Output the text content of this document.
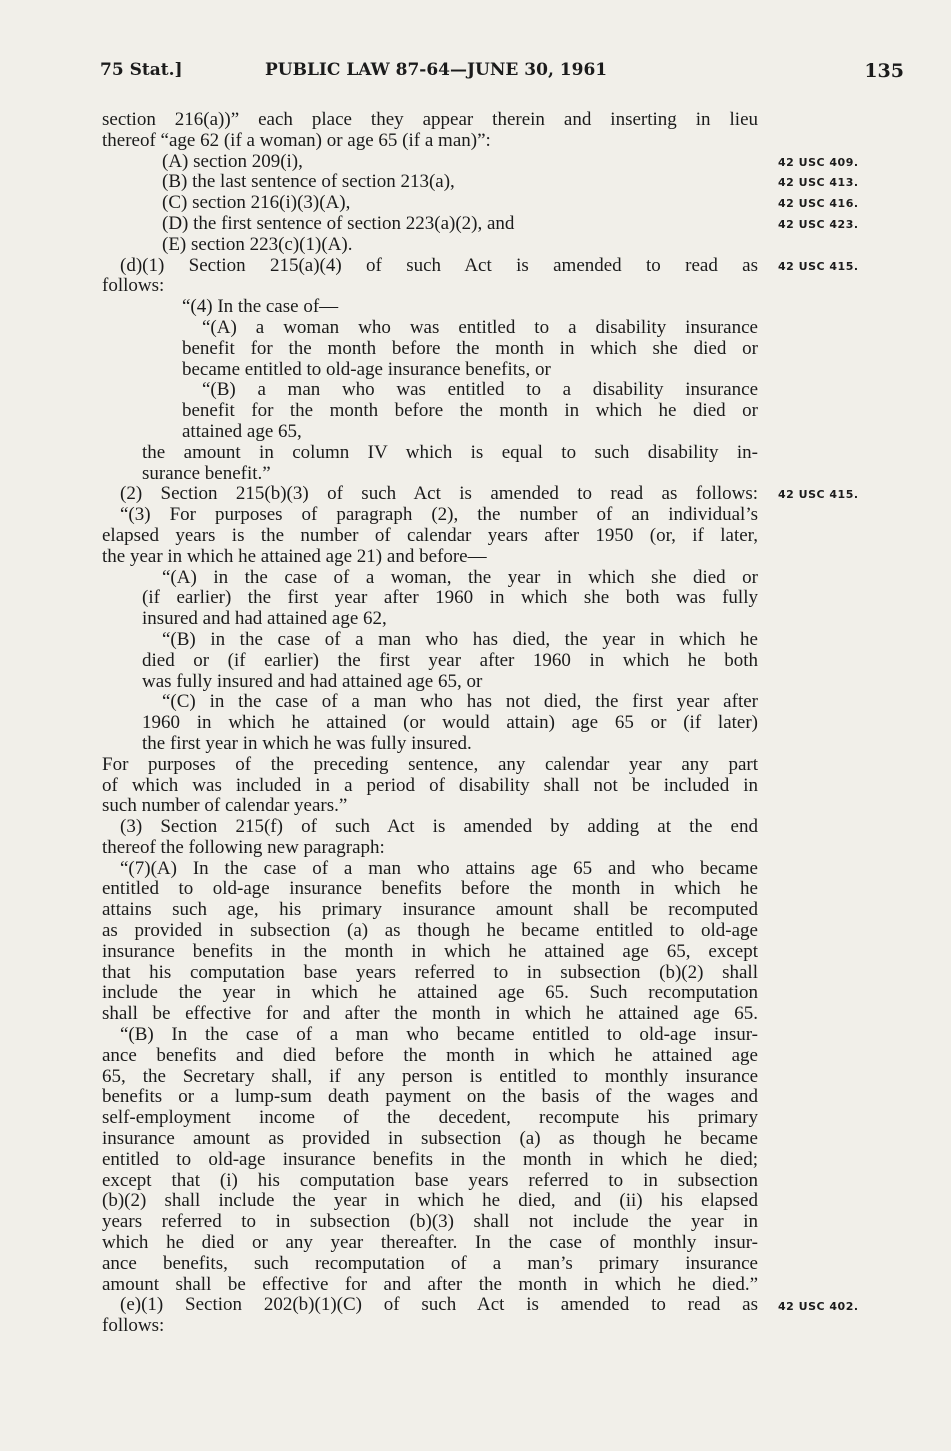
75 Stat.]	PUBLIC LAW 87-64—JUNE 30, 1961	135
section 216(a))” each place they appear therein and inserting in lieu
thereof “age 62 (if a woman) or age 65 (if a man)”:
(A) section 209(i),
(B) the last sentence of section 213(a),
(C) section 216(i)(3)(A),
(D) the first sentence of section 223(a)(2), and
(E) section 223(c)(1)(A).
(d)(1) Section 215(a)(4) of such Act is amended to read as
follows:
“(4) In the case of—
“(A) a woman who was entitled to a disability insurance
benefit for the month before the month in which she died or
became entitled to old-age insurance benefits, or
“(B) a man who was entitled to a disability insurance
benefit for the month before the month in which he died or
attained age 65,
the amount in column IV which is equal to such disability in-
surance benefit.”
(2) Section 215(b)(3) of such Act is amended to read as follows:
“(3) For purposes of paragraph (2), the number of an individual’s
elapsed years is the number of calendar years after 1950 (or, if later,
the year in which he attained age 21) and before—
“(A) in the case of a woman, the year in which she died or
(if earlier) the first year after 1960 in which she both was fully
insured and had attained age 62,
“(B) in the case of a man who has died, the year in which he
died or (if earlier) the first year after 1960 in which he both
was fully insured and had attained age 65, or
“(C) in the case of a man who has not died, the first year after
1960 in which he attained (or would attain) age 65 or (if later)
the first year in which he was fully insured.
For purposes of the preceding sentence, any calendar year any part
of which was included in a period of disability shall not be included in
such number of calendar years.”
(3) Section 215(f) of such Act is amended by adding at the end
thereof the following new paragraph:
“(7)(A) In the case of a man who attains age 65 and who became
entitled to old-age insurance benefits before the month in which he
attains such age, his primary insurance amount shall be recomputed
as provided in subsection (a) as though he became entitled to old-age
insurance benefits in the month in which he attained age 65, except
that his computation base years referred to in subsection (b)(2) shall
include the year in which he attained age 65. Such recomputation
shall be effective for and after the month in which he attained age 65.
“(B) In the case of a man who became entitled to old-age insur-
ance benefits and died before the month in which he attained age
65, the Secretary shall, if any person is entitled to monthly insurance
benefits or a lump-sum death payment on the basis of the wages and
self-employment income of the decedent, recompute his primary
insurance amount as provided in subsection (a) as though he became
entitled to old-age insurance benefits in the month in which he died;
except that (i) his computation base years referred to in subsection
(b)(2) shall include the year in which he died, and (ii) his elapsed
years referred to in subsection (b)(3) shall not include the year in
which he died or any year thereafter. In the case of monthly insur-
ance benefits, such recomputation of a man’s primary insurance
amount shall be effective for and after the month in which he died.”
(e)(1) Section 202(b)(1)(C) of such Act is amended to read as
follows:
42 USC 409.
42 USC 413.
42 USC 416.
42 USC 423.
42 USC 415.
42 USC 415.
42 USC 402.
